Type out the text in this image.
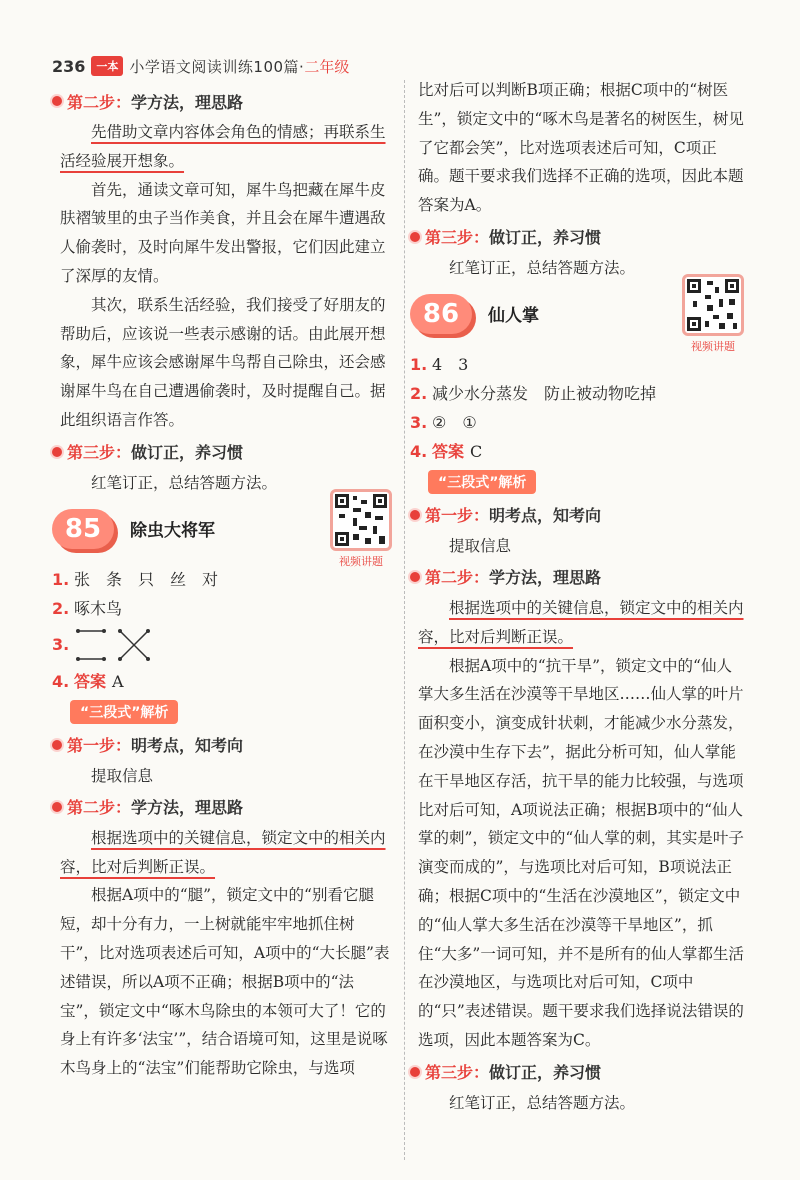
236	一本 小学语文阅读训练100篇· 二年级
第二步： 学方法，理思路

先借助文章内容体会角色的情感；再联系生活经验展开想象。

首先，通读文章可知，犀牛鸟把藏在犀牛皮肤褶皱里的虫子当作美食，并且会在犀牛遭遇敌人偷袭时，及时向犀牛发出警报，它们因此建立了深厚的友情。

其次，联系生活经验，我们接受了好朋友的帮助后，应该说一些表示感谢的话。由此展开想象，犀牛应该会感谢犀牛鸟帮自己除虫，还会感谢犀牛鸟在自己遭遇偷袭时，及时提醒自己。据此组织语言作答。

第三步： 做订正，养习惯

红笔订正，总结答题方法。

85	除虫大将军
视频讲题
1. 张　条　只　丝　对
2. 啄木鸟
3.
4. 答案 A
“三段式”解析
第一步： 明考点，知考向

提取信息

第二步： 学方法，理思路

根据选项中的关键信息，锁定文中的相关内容，比对后判断正误。

根据A项中的“腿”，锁定文中的“别看它腿短，却十分有力，一上树就能牢牢地抓住树干”，比对选项表述后可知，A项中的“大长腿”表述错误，所以A项不正确；根据B项中的“法宝”，锁定文中“啄木鸟除虫的本领可大了！它的身上有许多‘法宝’”，结合语境可知，这里是说啄木鸟身上的“法宝”们能帮助它除虫，与选项

比对后可以判断B项正确；根据C项中的“树医生”，锁定文中的“啄木鸟是著名的树医生，树见了它都会笑”，比对选项表述后可知，C项正确。题干要求我们选择不正确的选项，因此本题答案为A。

第三步： 做订正，养习惯

红笔订正，总结答题方法。

86	仙人掌
视频讲题
1. 4　3
2. 减少水分蒸发　防止被动物吃掉
3. ②　①
4. 答案 C
“三段式”解析
第一步： 明考点，知考向

提取信息

第二步： 学方法，理思路

根据选项中的关键信息，锁定文中的相关内容，比对后判断正误。

根据A项中的“抗干旱”，锁定文中的“仙人掌大多生活在沙漠等干旱地区……仙人掌的叶片面积变小，演变成针状刺，才能减少水分蒸发，在沙漠中生存下去”，据此分析可知，仙人掌能在干旱地区存活，抗干旱的能力比较强，与选项比对后可知，A项说法正确；根据B项中的“仙人掌的刺”，锁定文中的“仙人掌的刺，其实是叶子演变而成的”，与选项比对后可知，B项说法正确；根据C项中的“生活在沙漠地区”，锁定文中的“仙人掌大多生活在沙漠等干旱地区”，抓住“大多”一词可知，并不是所有的仙人掌都生活在沙漠地区，与选项比对后可知，C项中的“只”表述错误。题干要求我们选择说法错误的选项，因此本题答案为C。

第三步： 做订正，养习惯

红笔订正，总结答题方法。
